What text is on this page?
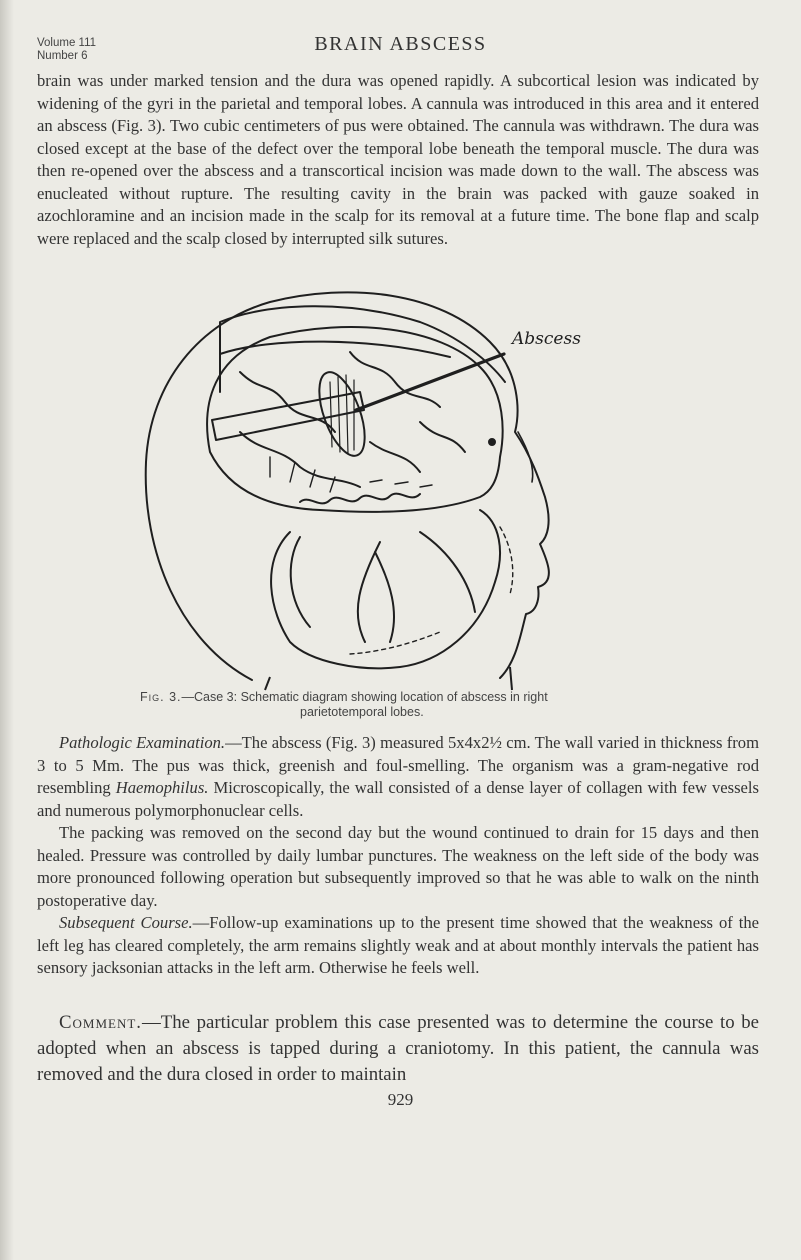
Volume 111
Number 6
BRAIN ABSCESS

brain was under marked tension and the dura was opened rapidly. A subcortical lesion was indicated by widening of the gyri in the parietal and temporal lobes. A cannula was introduced in this area and it entered an abscess (Fig. 3). Two cubic centimeters of pus were obtained. The cannula was withdrawn. The dura was closed except at the base of the defect over the temporal lobe beneath the temporal muscle. The dura was then re-opened over the abscess and a transcortical incision was made down to the wall. The abscess was enucleated without rupture. The resulting cavity in the brain was packed with gauze soaked in azochloramine and an incision made in the scalp for its removal at a future time. The bone flap and scalp were replaced and the scalp closed by interrupted silk sutures.

Abscess

Fig. 3.—Case 3: Schematic diagram showing location of abscess in right

parietotemporal lobes.

Pathologic Examination.—The abscess (Fig. 3) measured 5x4x2½ cm. The wall varied in thickness from 3 to 5 Mm. The pus was thick, greenish and foul-smelling. The organism was a gram-negative rod resembling Haemophilus. Microscopically, the wall consisted of a dense layer of collagen with few vessels and numerous polymorphonuclear cells.

The packing was removed on the second day but the wound continued to drain for 15 days and then healed. Pressure was controlled by daily lumbar punctures. The weakness on the left side of the body was more pronounced following operation but subsequently improved so that he was able to walk on the ninth postoperative day.

Subsequent Course.—Follow-up examinations up to the present time showed that the weakness of the left leg has cleared completely, the arm remains slightly weak and at about monthly intervals the patient has sensory jacksonian attacks in the left arm. Otherwise he feels well.

Comment.—The particular problem this case presented was to determine the course to be adopted when an abscess is tapped during a craniotomy. In this patient, the cannula was removed and the dura closed in order to maintain

929
